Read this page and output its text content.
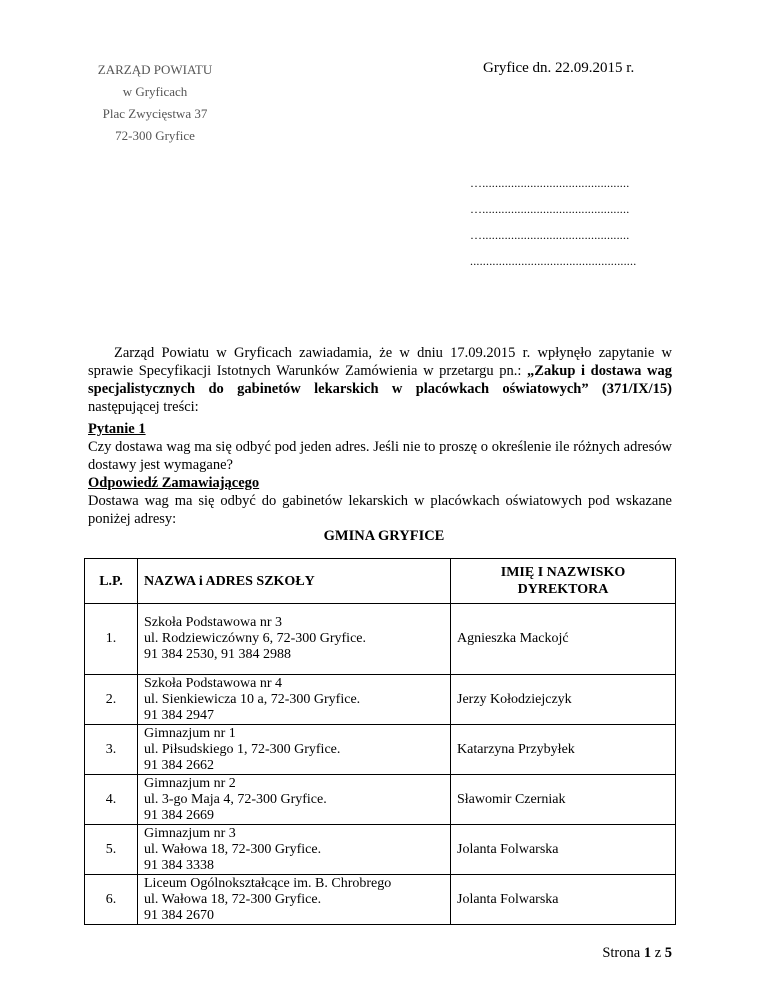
ZARZĄD POWIATU
w Gryficach
Plac Zwycięstwa 37
72-300 Gryfice
Gryfice dn. 22.09.2015 r.
…..............................................
…..............................................
…..............................................
....................................................
Zarząd Powiatu w Gryficach zawiadamia, że w dniu 17.09.2015 r. wpłynęło zapytanie w sprawie Specyfikacji Istotnych Warunków Zamówienia w przetargu pn.: „Zakup i dostawa wag specjalistycznych do gabinetów lekarskich w placówkach oświatowych” (371/IX/15) następującej treści:
Pytanie 1
Czy dostawa wag ma się odbyć pod jeden adres. Jeśli nie to proszę o określenie ile różnych adresów dostawy jest wymagane?
Odpowiedź Zamawiającego
Dostawa wag ma się odbyć do gabinetów lekarskich w placówkach oświatowych pod wskazane poniżej adresy:
GMINA GRYFICE
L.P.	NAZWA i ADRES SZKOŁY	IMIĘ I NAZWISKO DYREKTORA
1.	Szkoła Podstawowa nr 3
ul. Rodziewiczówny 6, 72-300 Gryfice.
91 384 2530, 91 384 2988	Agnieszka Mackojć
2.	Szkoła Podstawowa nr 4
ul. Sienkiewicza 10 a, 72-300 Gryfice.
91 384 2947	Jerzy Kołodziejczyk
3.	Gimnazjum nr 1
ul. Piłsudskiego 1, 72-300 Gryfice.
91 384 2662	Katarzyna Przybyłek
4.	Gimnazjum nr 2
ul. 3-go Maja 4, 72-300 Gryfice.
91 384 2669	Sławomir Czerniak
5.	Gimnazjum nr 3
ul. Wałowa 18, 72-300 Gryfice.
91 384 3338	Jolanta Folwarska
6.	Liceum Ogólnokształcące im. B. Chrobrego
ul. Wałowa 18, 72-300 Gryfice.
91 384 2670	Jolanta Folwarska
Strona 1 z 5
